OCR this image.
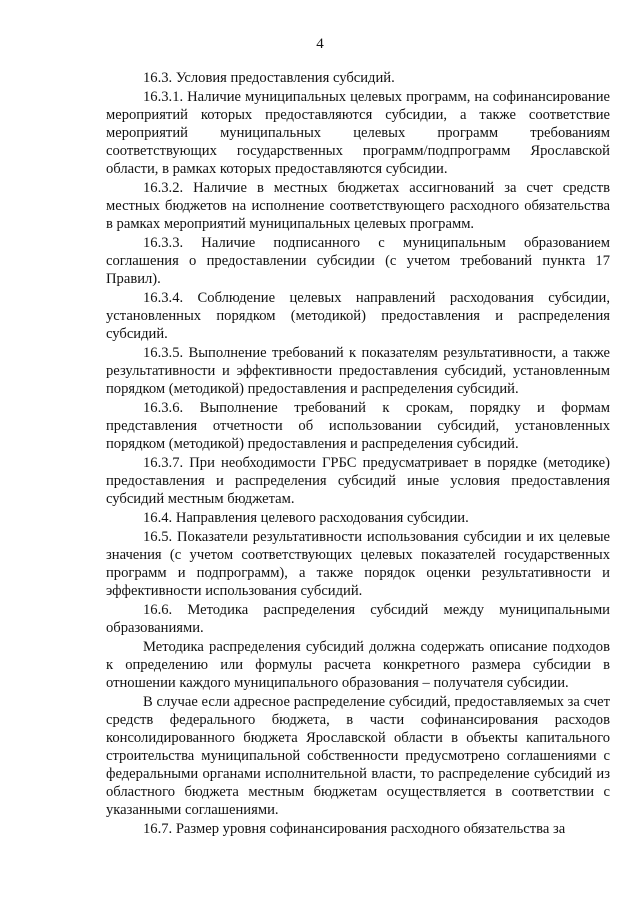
4

16.3. Условия предоставления субсидий.

16.3.1. Наличие муниципальных целевых программ, на софинансирование мероприятий которых предоставляются субсидии, а также соответствие мероприятий муниципальных целевых программ требованиям соответствующих государственных программ/подпрограмм Ярославской области, в рамках которых предоставляются субсидии.

16.3.2. Наличие в местных бюджетах ассигнований за счет средств местных бюджетов на исполнение соответствующего расходного обязательства в рамках мероприятий муниципальных целевых программ.

16.3.3. Наличие подписанного с муниципальным образованием соглашения о предоставлении субсидии (с учетом требований пункта 17 Правил).

16.3.4. Соблюдение целевых направлений расходования субсидии, установленных порядком (методикой) предоставления и распределения субсидий.

16.3.5. Выполнение требований к показателям результативности, а также результативности и эффективности предоставления субсидий, установленным порядком (методикой) предоставления и распределения субсидий.

16.3.6. Выполнение требований к срокам, порядку и формам представления отчетности об использовании субсидий, установленных порядком (методикой) предоставления и распределения субсидий.

16.3.7. При необходимости ГРБС предусматривает в порядке (методике) предоставления и распределения субсидий иные условия предоставления субсидий местным бюджетам.

16.4. Направления целевого расходования субсидии.

16.5. Показатели результативности использования субсидии и их целевые значения (с учетом соответствующих целевых показателей государственных программ и подпрограмм), а также порядок оценки результативности и эффективности использования субсидий.

16.6. Методика распределения субсидий между муниципальными образованиями.

Методика распределения субсидий должна содержать описание подходов к определению или формулы расчета конкретного размера субсидии в отношении каждого муниципального образования – получателя субсидии.

В случае если адресное распределение субсидий, предоставляемых за счет средств федерального бюджета, в части софинансирования расходов консолидированного бюджета Ярославской области в объекты капитального строительства муниципальной собственности предусмотрено соглашениями с федеральными органами исполнительной власти, то распределение субсидий из областного бюджета местным бюджетам осуществляется в соответствии с указанными соглашениями.

16.7. Размер уровня софинансирования расходного обязательства за
